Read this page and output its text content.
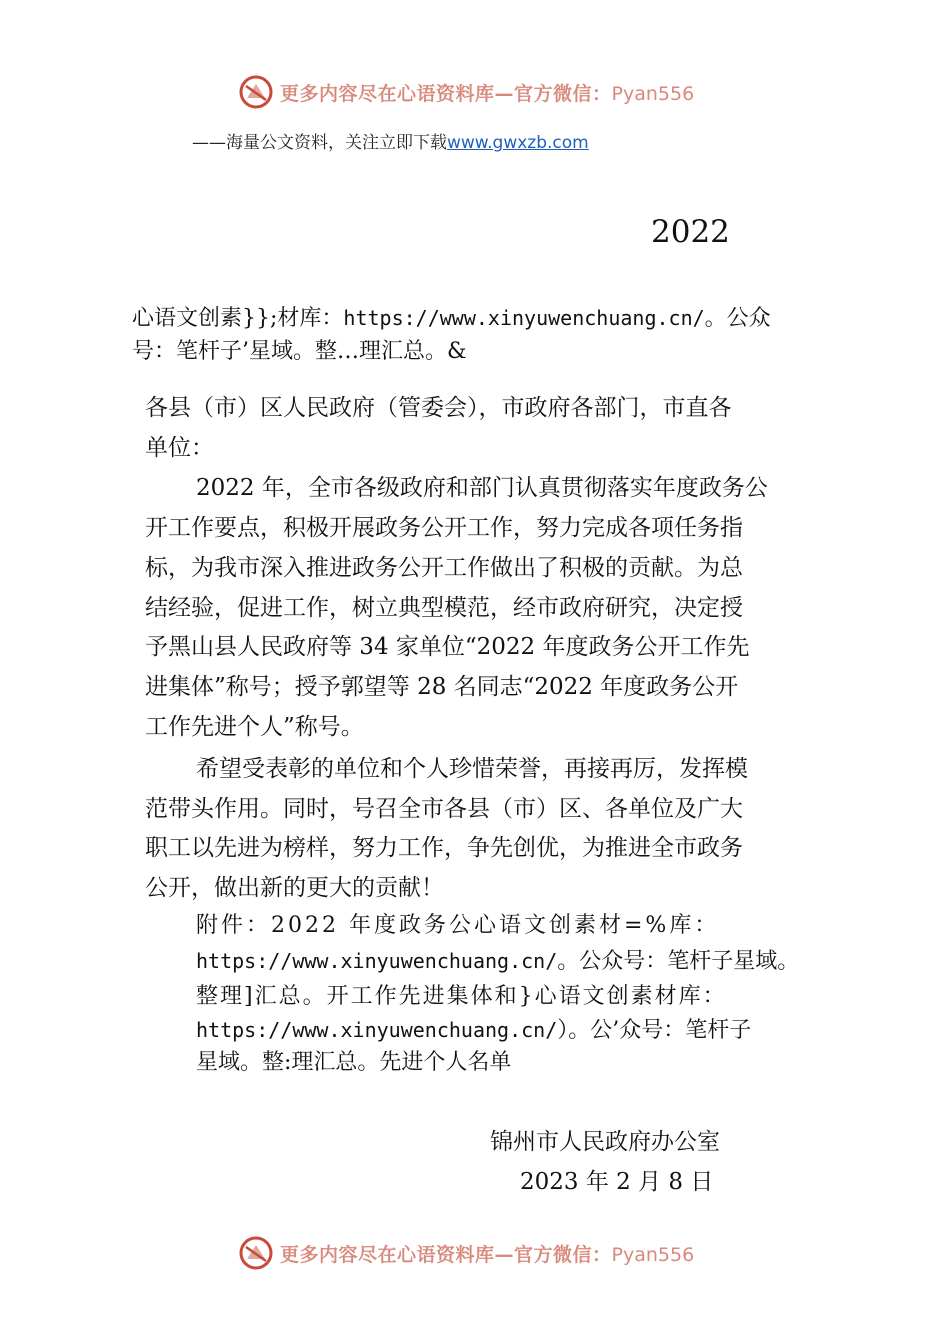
更多内容尽在心语资料库—官方微信：Pyan556
——海量公文资料，关注立即下载www.gwxzb.com
2022
心语文创素}};材库：https://www.xinyuwenchuang.cn/。公众
号：笔杆子’星域。整…理汇总。&
各县（市）区人民政府（管委会），市政府各部门，市直各
单位：
2022 年，全市各级政府和部门认真贯彻落实年度政务公
开工作要点，积极开展政务公开工作，努力完成各项任务指
标，为我市深入推进政务公开工作做出了积极的贡献。为总
结经验，促进工作，树立典型模范，经市政府研究，决定授
予黑山县人民政府等 34 家单位“2022 年度政务公开工作先
进集体”称号；授予郭望等 28 名同志“2022 年度政务公开
工作先进个人”称号。
希望受表彰的单位和个人珍惜荣誉，再接再厉，发挥模
范带头作用。同时，号召全市各县（市）区、各单位及广大
职工以先进为榜样，努力工作，争先创优，为推进全市政务
公开，做出新的更大的贡献！
附件：2022 年度政务公心语文创素材=%库：
https://www.xinyuwenchuang.cn/。公众号：笔杆子星域。
整理]汇总。开工作先进集体和}心语文创素材库：
https://www.xinyuwenchuang.cn/）。公’众号：笔杆子
星域。整:理汇总。先进个人名单
锦州市人民政府办公室
2023 年 2 月 8 日
更多内容尽在心语资料库—官方微信：Pyan556
